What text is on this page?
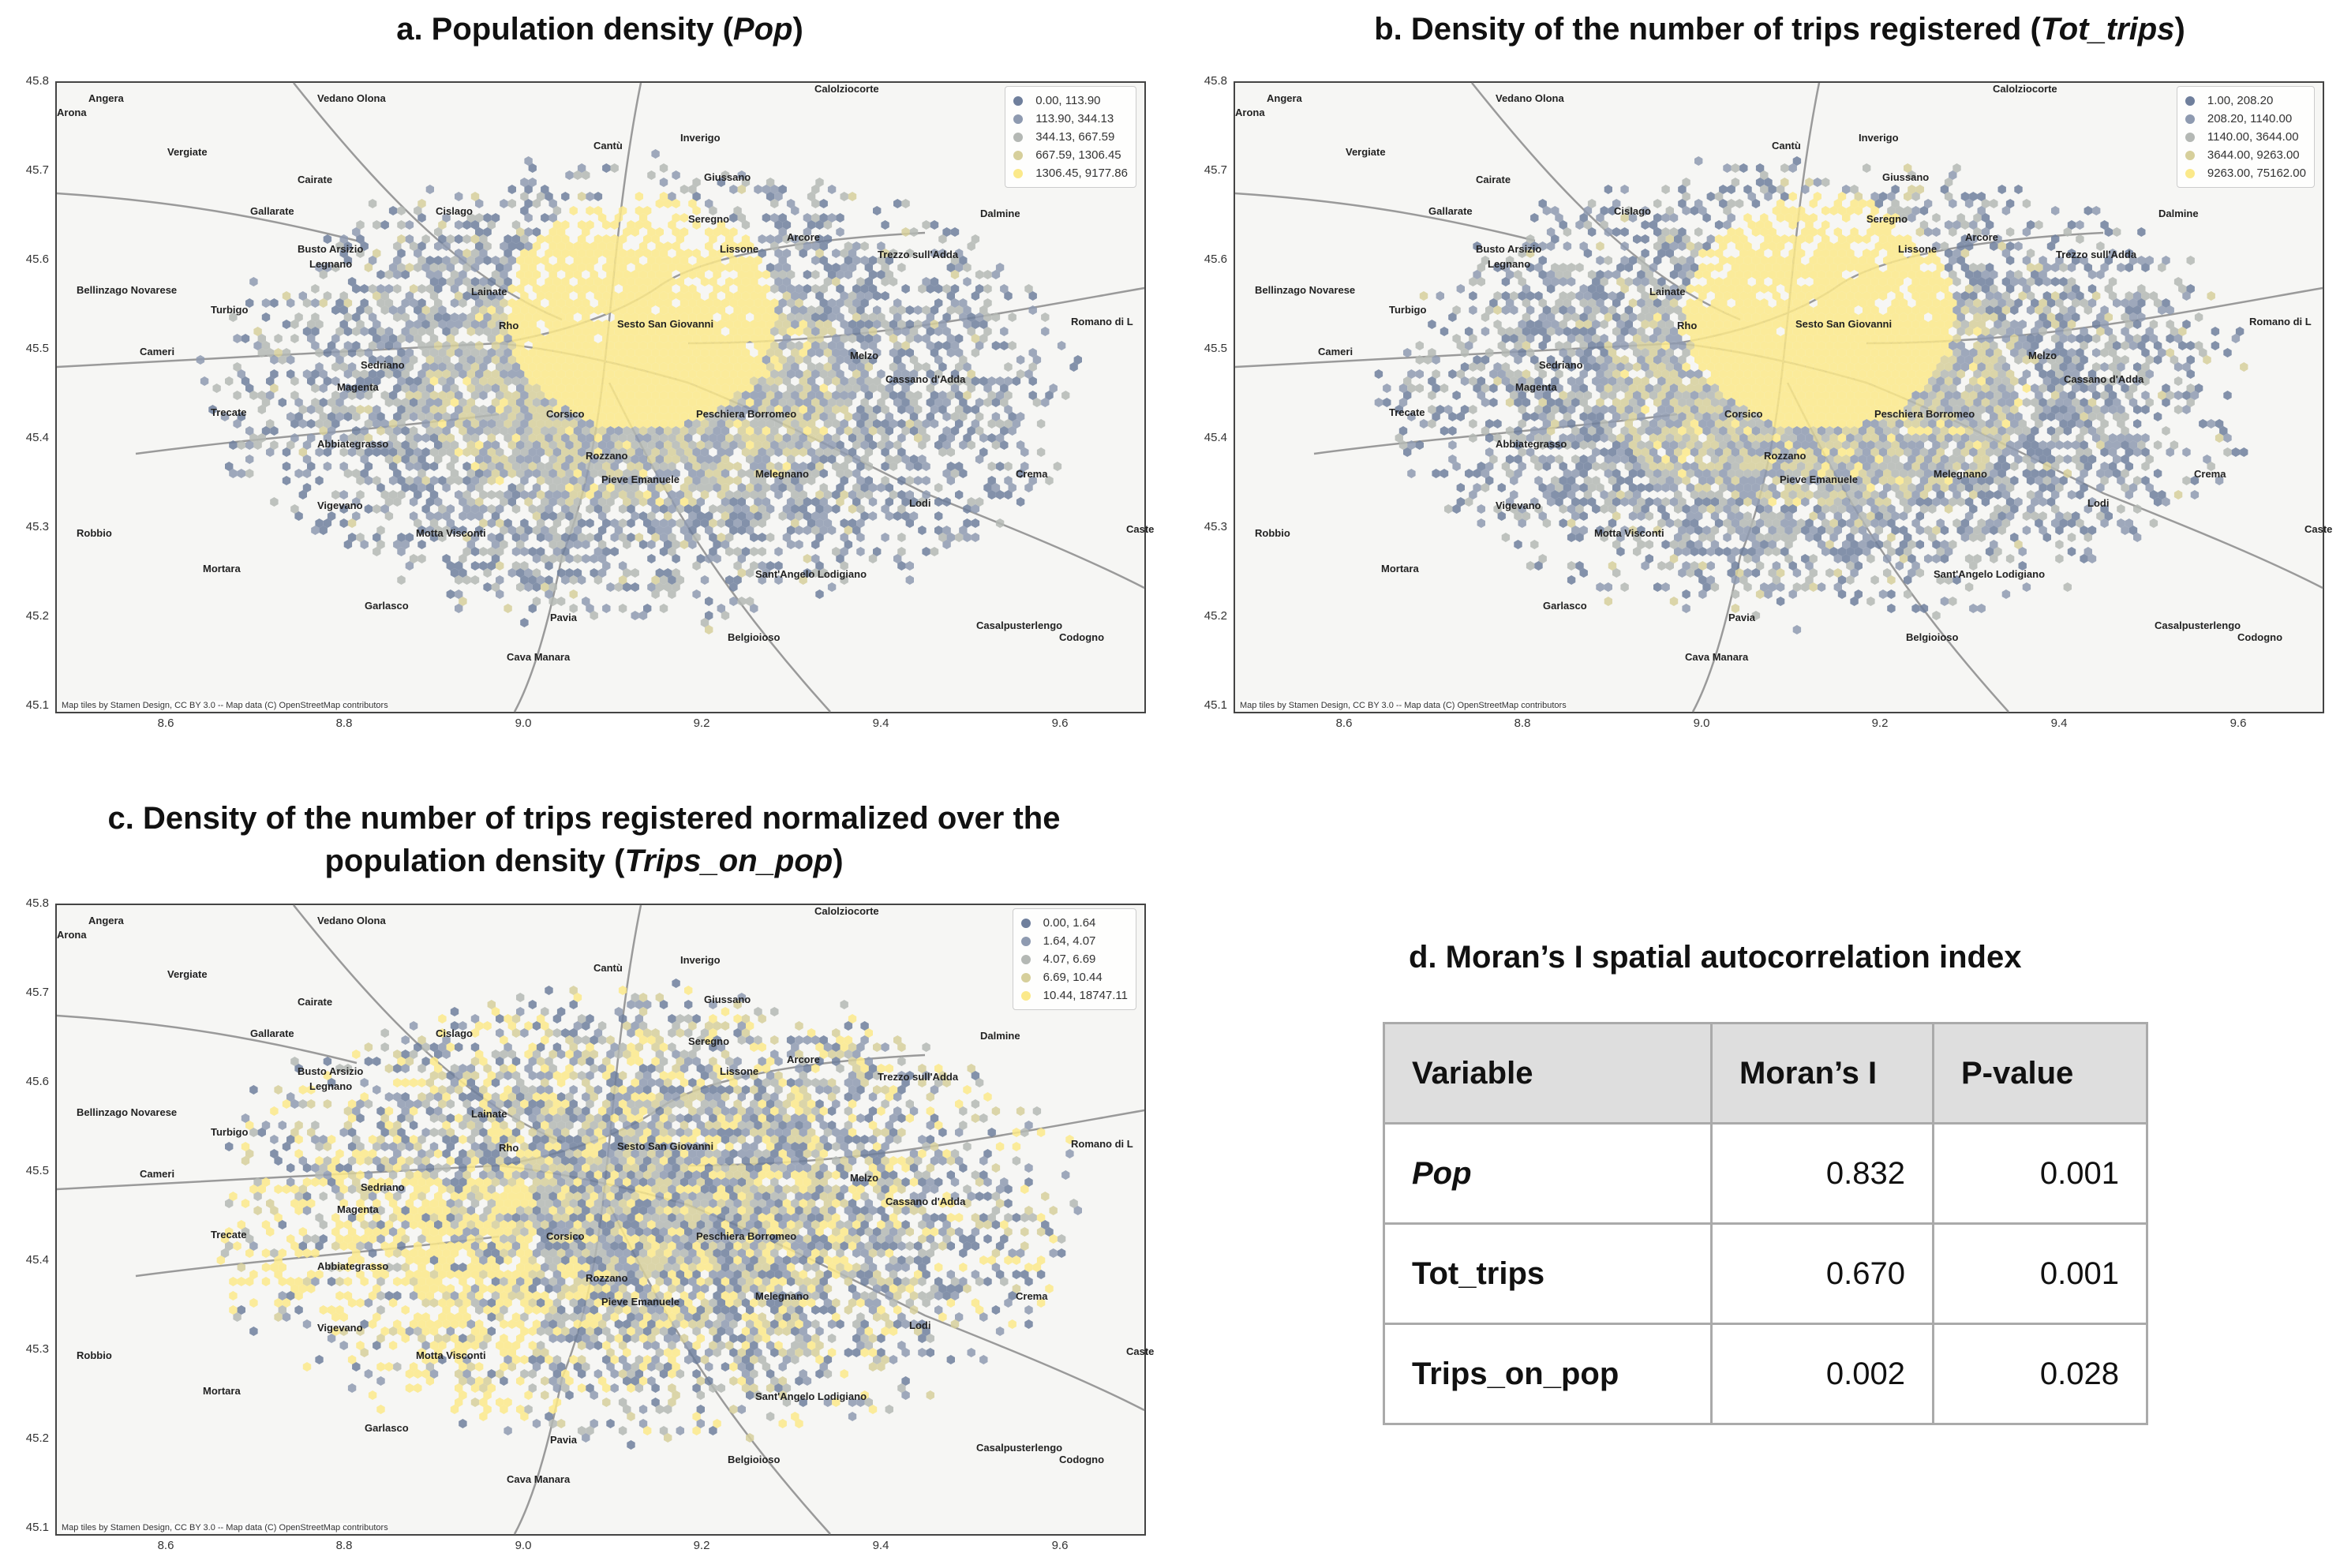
a. Population density (Pop)	b. Density of the number of trips registered (Tot_trips)
c. Density of the number of trips registered normalized over the
population density (Trips_on_pop)
Angera
Arona
Vedano Olona
Calolziocorte
Vergiate
Cantù
Inverigo
Cairate
Gallarate	Cislago
Giussano
Dalmine
Seregno
Busto Arsizio
Legnano
Lissone
Arcore
Trezzo sull'Adda
Bellinzago Novarese	Lainate
Turbigo
Rho	Sesto San Giovanni	Romano di L
Cameri
Sedriano
Melzo
Magenta
Cassano d'Adda
Trecate	Corsico	Peschiera Borromeo
Abbiategrasso
Rozzano
Crema
Pieve Emanuele	Melegnano
Vigevano	Lodi
Robbio	Motta Visconti	Caste
Mortara	Sant'Angelo Lodigiano
Garlasco
Pavia
Casalpusterlengo
Belgioioso	Codogno
Cava Manara
0.00, 113.90
113.90, 344.13
344.13, 667.59
667.59, 1306.45
1306.45, 9177.86
Map tiles by Stamen Design, CC BY 3.0 -- Map data (C) OpenStreetMap contributors
Angera
Arona
Vedano Olona
Calolziocorte
Vergiate
Cantù
Inverigo
Cairate
Gallarate	Cislago
Giussano
Dalmine
Seregno
Busto Arsizio
Legnano
Lissone
Arcore
Trezzo sull'Adda
Bellinzago Novarese	Lainate
Turbigo
Rho	Sesto San Giovanni	Romano di L
Cameri
Sedriano
Melzo
Magenta
Cassano d'Adda
Trecate	Corsico	Peschiera Borromeo
Abbiategrasso
Rozzano
Crema
Pieve Emanuele	Melegnano
Vigevano	Lodi
Robbio	Motta Visconti	Caste
Mortara	Sant'Angelo Lodigiano
Garlasco
Pavia
Casalpusterlengo
Belgioioso	Codogno
Cava Manara
1.00, 208.20
208.20, 1140.00
1140.00, 3644.00
3644.00, 9263.00
9263.00, 75162.00
Map tiles by Stamen Design, CC BY 3.0 -- Map data (C) OpenStreetMap contributors
Angera
Arona
Vedano Olona
Calolziocorte
Vergiate
Cantù
Inverigo
Cairate
Gallarate	Cislago
Giussano
Dalmine
Seregno
Busto Arsizio
Legnano
Lissone
Arcore
Trezzo sull'Adda
Bellinzago Novarese	Lainate
Turbigo
Rho	Sesto San Giovanni	Romano di L
Cameri
Sedriano
Melzo
Magenta
Cassano d'Adda
Trecate	Corsico	Peschiera Borromeo
Abbiategrasso
Rozzano
Crema
Pieve Emanuele	Melegnano
Vigevano	Lodi
Robbio	Motta Visconti	Caste
Mortara	Sant'Angelo Lodigiano
Garlasco
Pavia
Casalpusterlengo
Belgioioso	Codogno
Cava Manara
0.00, 1.64
1.64, 4.07
4.07, 6.69
6.69, 10.44
10.44, 18747.11
Map tiles by Stamen Design, CC BY 3.0 -- Map data (C) OpenStreetMap contributors
d. Moran’s I spatial autocorrelation index
Variable	Moran’s I	P-value
Pop	0.832	0.001
Tot_trips	0.670	0.001
Trips_on_pop	0.002	0.028
8.6	8.8	9.0	9.2	9.4	9.6
45.8
45.7
45.6
45.5
45.4
45.3
45.2
45.1
8.6	8.8	9.0	9.2	9.4	9.6
45.8
45.7
45.6
45.5
45.4
45.3
45.2
45.1
8.6	8.8	9.0	9.2	9.4	9.6
45.8
45.7
45.6
45.5
45.4
45.3
45.2
45.1
